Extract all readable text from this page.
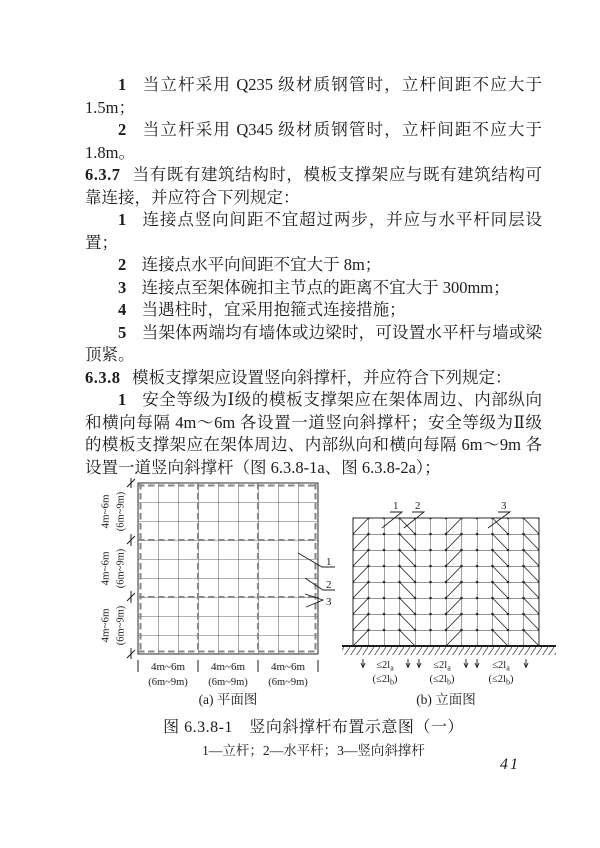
1 当立杆采用 Q235 级材质钢管时，立杆间距不应大于 1.5m；

2 当立杆采用 Q345 级材质钢管时，立杆间距不应大于 1.8m。

6.3.7 当有既有建筑结构时，模板支撑架应与既有建筑结构可靠连接，并应符合下列规定：

1 连接点竖向间距不宜超过两步，并应与水平杆同层设置；

2 连接点水平向间距不宜大于 8m；

3 连接点至架体碗扣主节点的距离不宜大于 300mm；

4 当遇柱时，宜采用抱箍式连接措施；

5 当架体两端均有墙体或边梁时，可设置水平杆与墙或梁顶紧。

6.3.8 模板支撑架应设置竖向斜撑杆，并应符合下列规定：

1 安全等级为Ⅰ级的模板支撑架应在架体周边、内部纵向和横向每隔 4m～6m 各设置一道竖向斜撑杆；安全等级为Ⅱ级的模板支撑架应在架体周边、内部纵向和横向每隔 6m～9m 各设置一道竖向斜撑杆（图 6.3.8-1a、图 6.3.8-2a）；

4m~6m (6m~9m)
4m~6m (6m~9m)
4m~6m (6m~9m)
4m~6m
(6m~9m)
4m~6m
(6m~9m)
4m~6m
(6m~9m)
1
2
3
(a) 平面图
1 2	3
$\le 2l_a$
$(\le 2l_b)$
$\le 2l_a$
$(\le 2l_b)$
$\le 2l_a$
$(\le 2l_b)$
(b) 立面图
图 6.3.8-1　竖向斜撑杆布置示意图（一）
1—立杆；2—水平杆；3—竖向斜撑杆
41
